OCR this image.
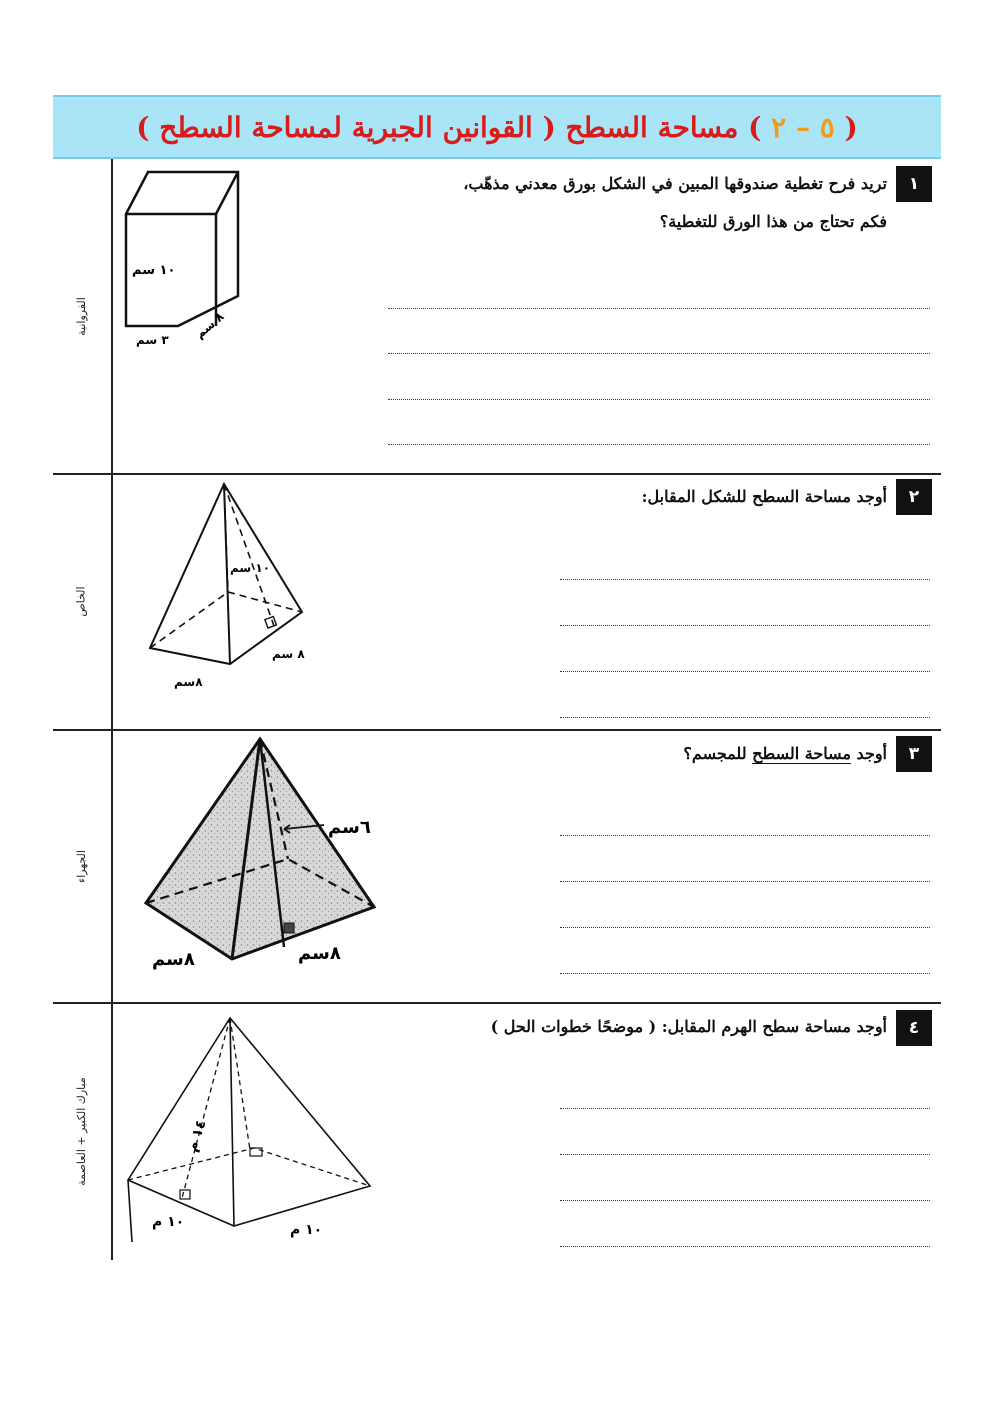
( ٥ – ٢ ) مساحة السطح ( القوانين الجبرية لمساحة السطح )
الفروانية
الخاص
الجهراء
مبارك الكبير + العاصمة
١
تريد فرح تغطية صندوقها المبين في الشكل بورق معدني مذهّب،
فكم تحتاج من هذا الورق للتغطية؟
١٠ سم
٨ سم
٣ سم
٢
أوجد مساحة السطح للشكل المقابل:
١٠ سم
٨ سم
٨سم
٣
أوجد مساحة السطح للمجسم؟
٦سم
٨سم	٨سم
٤
أوجد مساحة سطح الهرم المقابل: ( موضحًا خطوات الحل )
١٤ م
١٠ م	١٠ م
